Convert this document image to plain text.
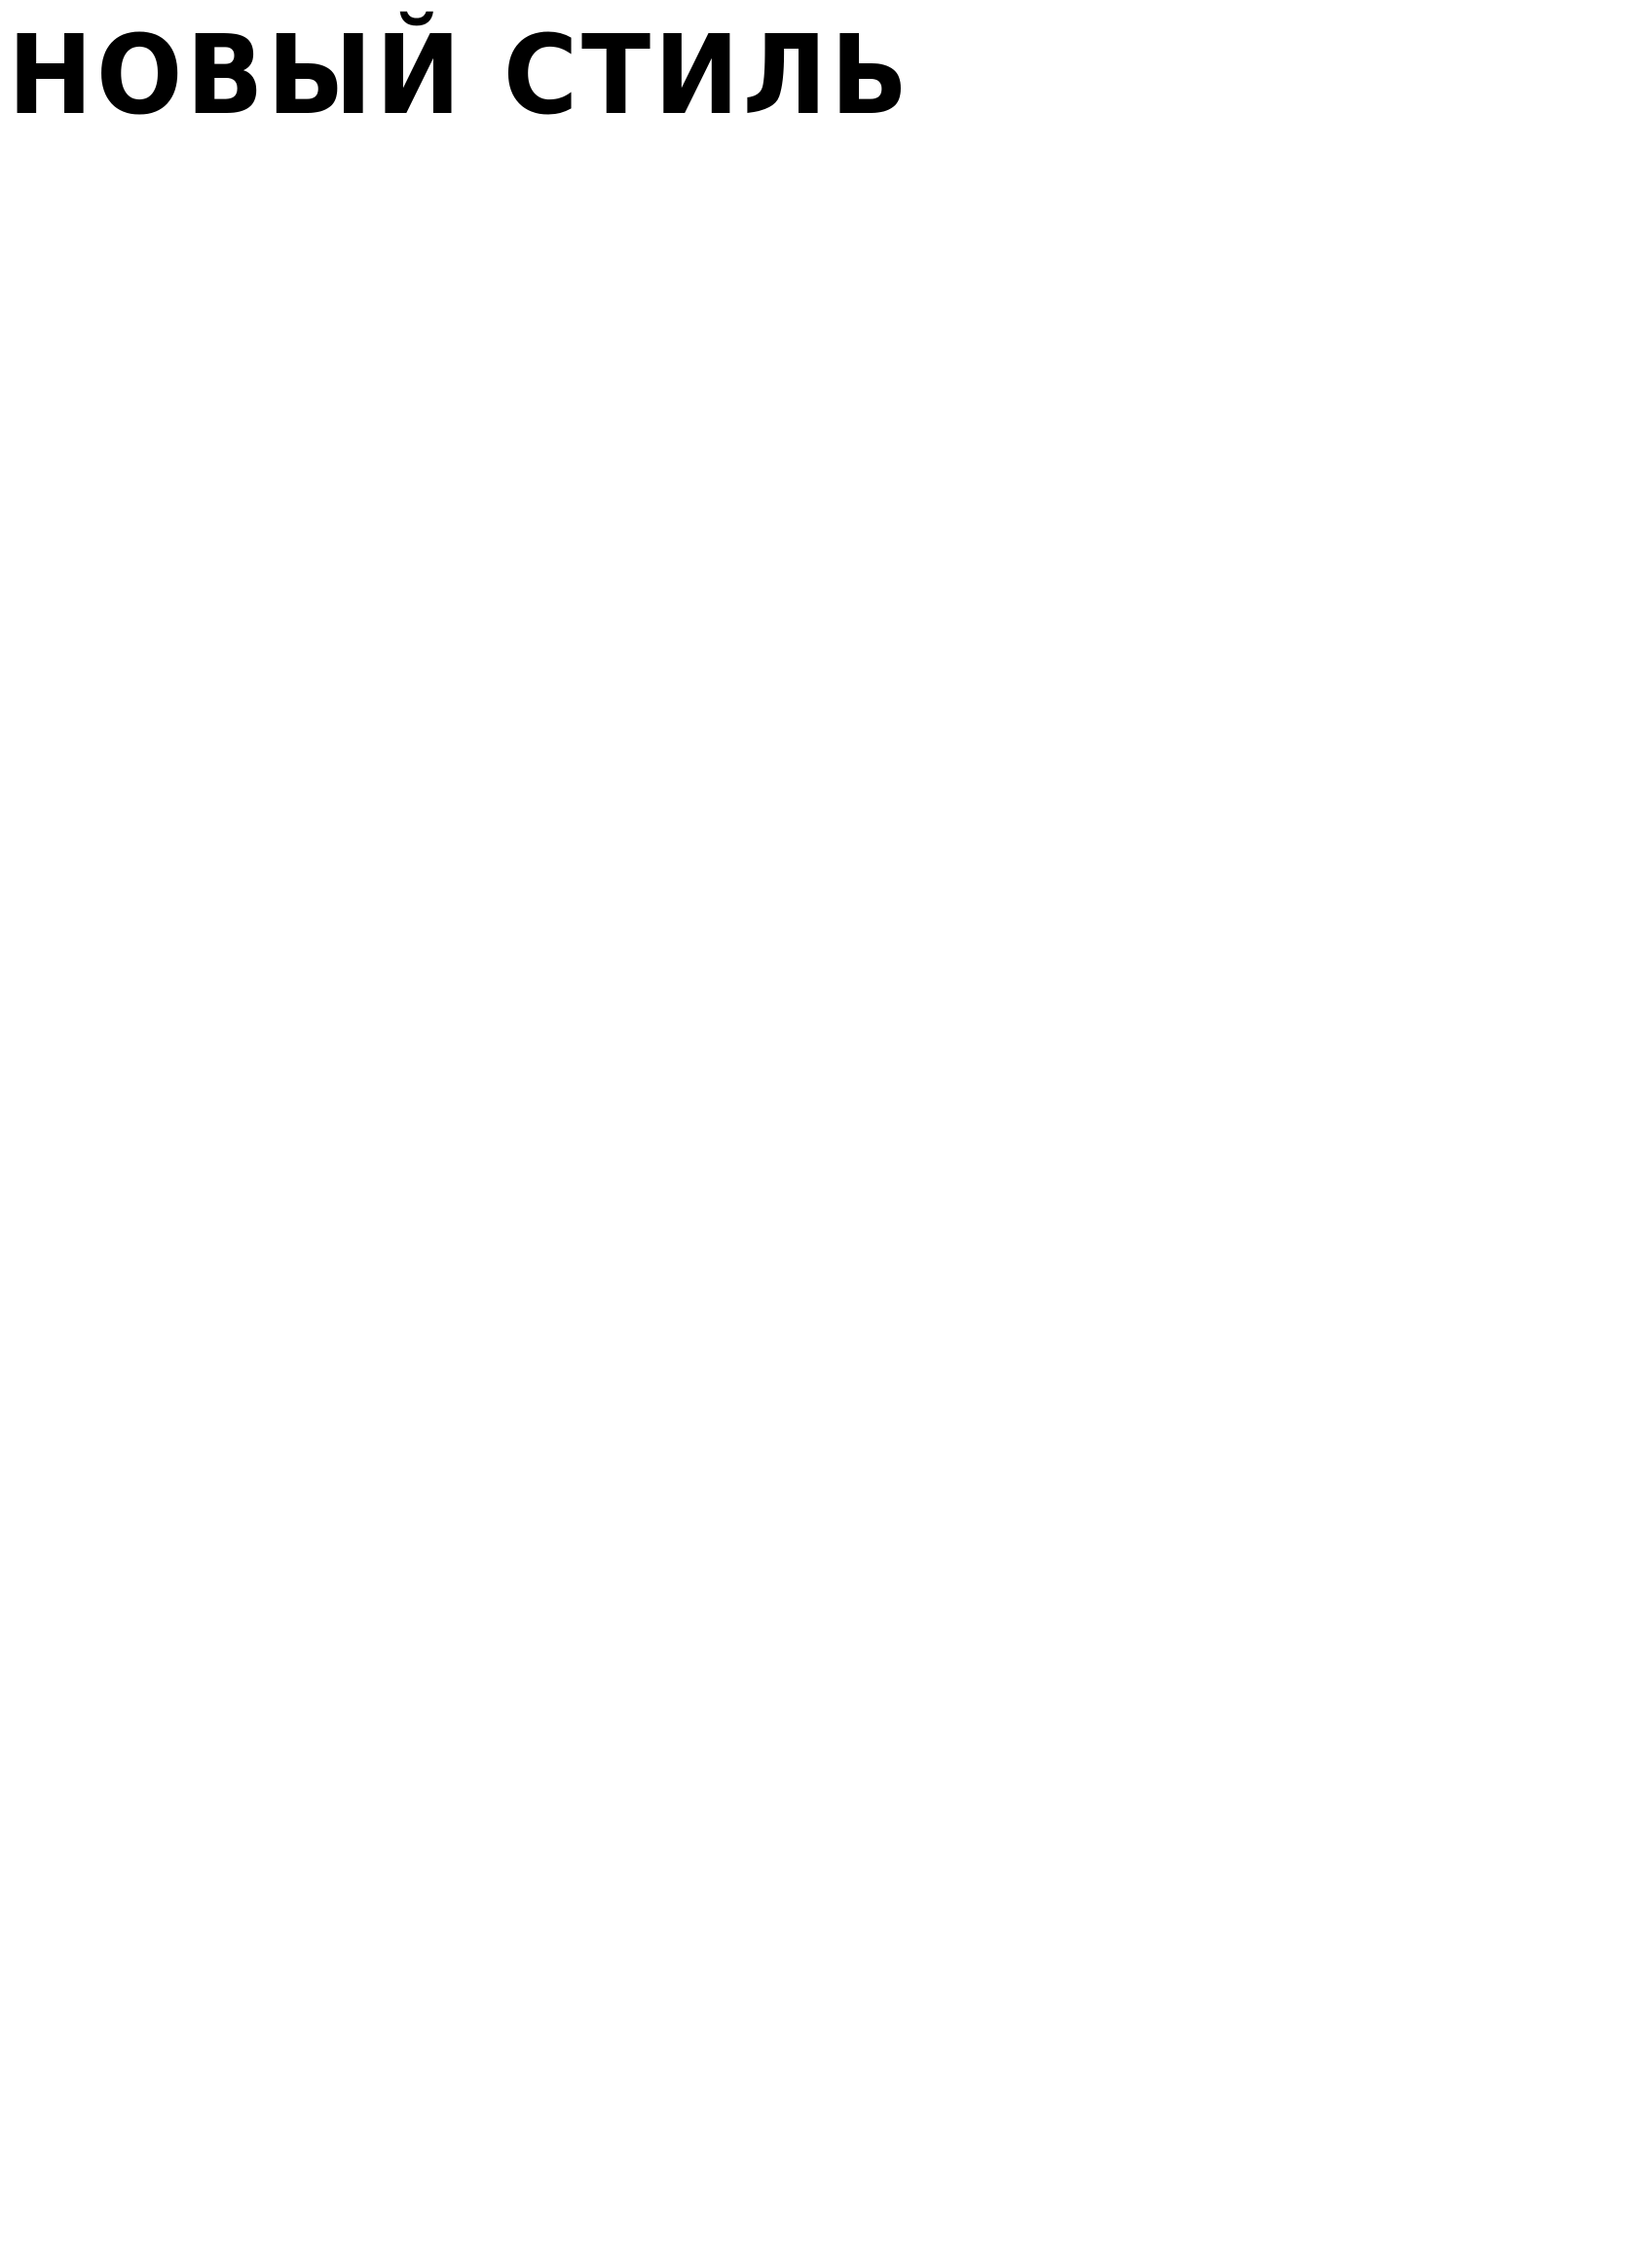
НОВЫЙ СТИЛЬ
